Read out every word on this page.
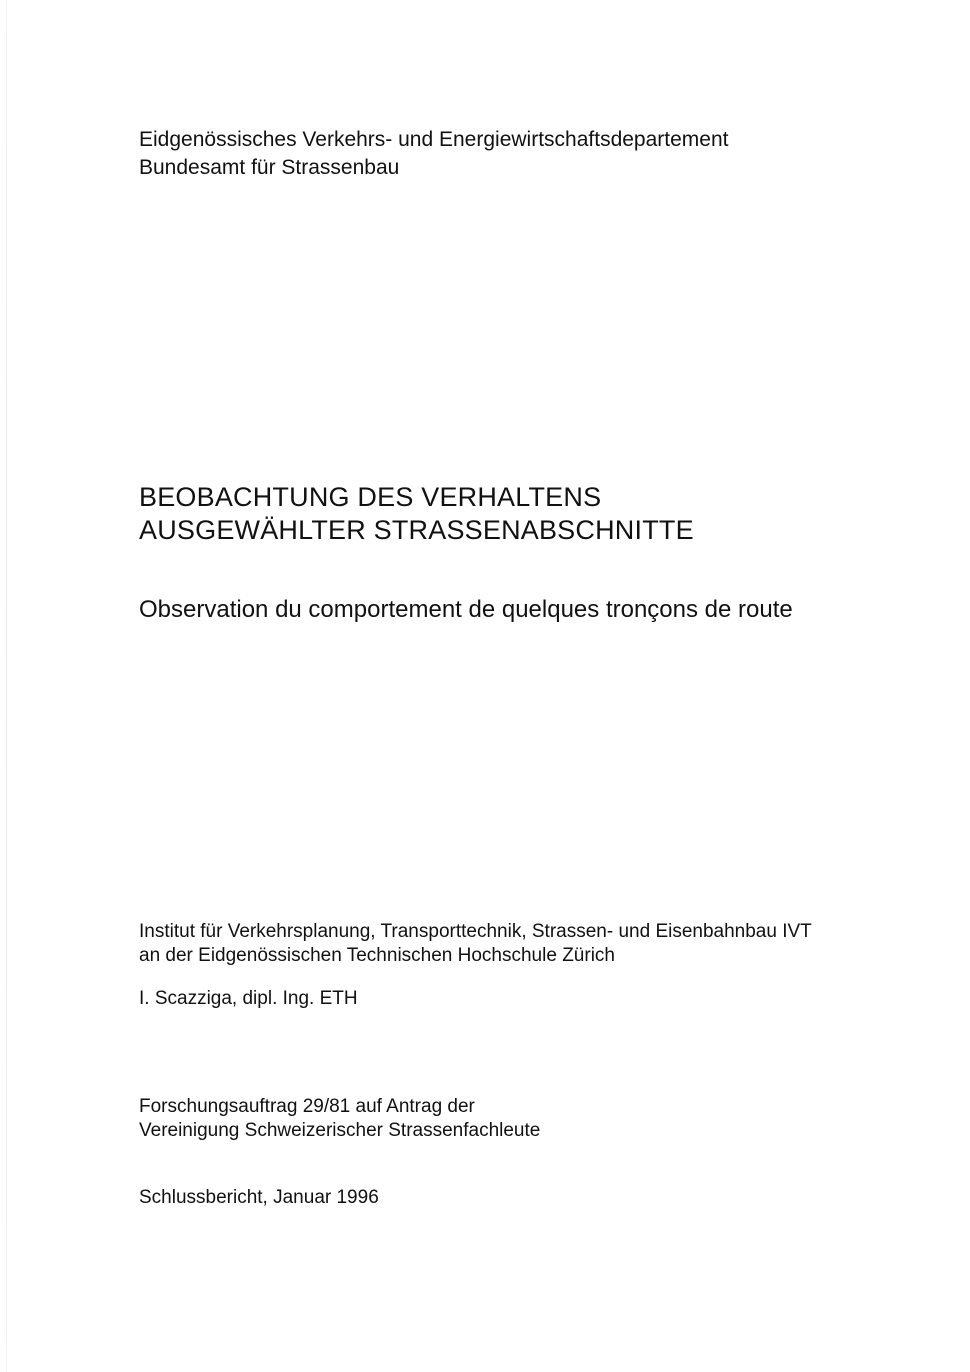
Eidgenössisches Verkehrs- und Energiewirtschaftsdepartement
Bundesamt für Strassenbau
BEOBACHTUNG DES VERHALTENS
AUSGEWÄHLTER STRASSENABSCHNITTE
Observation du comportement de quelques tronçons de route
Institut für Verkehrsplanung, Transporttechnik, Strassen- und Eisenbahnbau IVT
an der Eidgenössischen Technischen Hochschule Zürich
I. Scazziga, dipl. Ing. ETH
Forschungsauftrag 29/81 auf Antrag der
Vereinigung Schweizerischer Strassenfachleute
Schlussbericht, Januar 1996
